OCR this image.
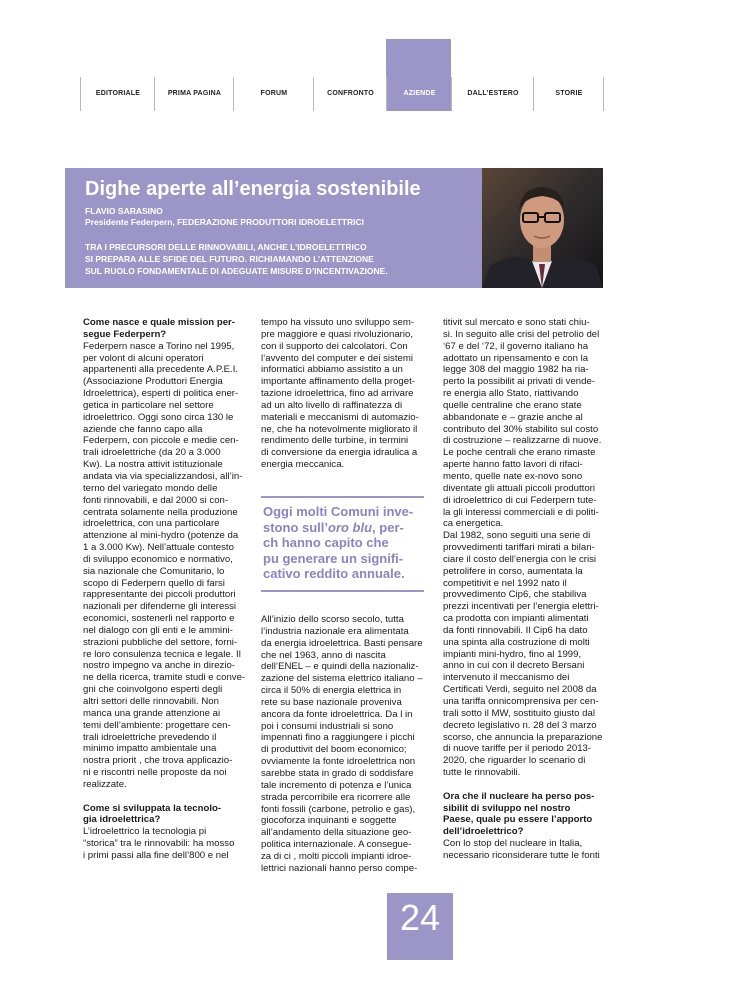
EDITORIALE	PRIMA PAGINA	FORUM	CONFRONTO	AZIENDE	DALL'ESTERO	STORIE
Dighe aperte all’energia sostenibile
FLAVIO SARASINO
Presidente Federpern, FEDERAZIONE PRODUTTORI IDROELETTRICI
TRA I PRECURSORI DELLE RINNOVABILI, ANCHE L’IDROELETTRICO
SI PREPARA ALLE SFIDE DEL FUTURO. RICHIAMANDO L’ATTENZIONE
SUL RUOLO FONDAMENTALE DI ADEGUATE MISURE D’INCENTIVAZIONE.
Come nasce e quale mission per-
segue Federpern?
Federpern nasce a Torino nel 1995,
per volont di alcuni operatori
appartenenti alla precedente A.P.E.I.
(Associazione Produttori Energia
Idroelettrica), esperti di politica ener-
getica in particolare nel settore
idroelettrico. Oggi sono circa 130 le
aziende che fanno capo alla
Federpern, con piccole e medie cen-
trali idroelettriche (da 20 a 3.000
Kw). La nostra attivit istituzionale
andata via via specializzandosi, all’in-
terno del variegato mondo delle
fonti rinnovabili, e dal 2000 si con-
centrata solamente nella produzione
idroelettrica, con una particolare
attenzione al mini-hydro (potenze da
1 a 3.000 Kw). Nell’attuale contesto
di sviluppo economico e normativo,
sia nazionale che Comunitario, lo
scopo di Federpern quello di farsi
rappresentante dei piccoli produttori
nazionali per difenderne gli interessi
economici, sostenerli nel rapporto e
nel dialogo con gli enti e le ammini-
strazioni pubbliche del settore, forni-
re loro consulenza tecnica e legale. Il
nostro impegno va anche in direzio-
ne della ricerca, tramite studi e conve-
gni che coinvolgono esperti degli
altri settori delle rinnovabili. Non
manca una grande attenzione ai
temi dell’ambiente: progettare cen-
trali idroelettriche prevedendo il
minimo impatto ambientale una
nostra priorit , che trova applicazio-
ni e riscontri nelle proposte da noi
realizzate.
Come si sviluppata la tecnolo-
gia idroelettrica?
L’idroelettrico la tecnologia pi
“storica” tra le rinnovabili: ha mosso
i primi passi alla fine dell’800 e nel
tempo ha vissuto uno sviluppo sem-
pre maggiore e quasi rivoluzionario,
con il supporto dei calcolatori. Con
l’avvento del computer e dei sistemi
informatici abbiamo assistito a un
importante affinamento della proget-
tazione idroelettrica, fino ad arrivare
ad un alto livello di raffinatezza di
materiali e meccanismi di automazio-
ne, che ha notevolmente migliorato il
rendimento delle turbine, in termini
di conversione da energia idraulica a
energia meccanica.
Oggi molti Comuni inve-
stono sull’oro blu, per-
ch hanno capito che
pu generare un signifi-
cativo reddito annuale.
All’inizio dello scorso secolo, tutta
l’industria nazionale era alimentata
da energia idroelettrica. Basti pensare
che nel 1963, anno di nascita
dell’ENEL – e quindi della nazionaliz-
zazione del sistema elettrico italiano –
circa il 50% di energia elettrica in
rete su base nazionale proveniva
ancora da fonte idroelettrica. Da l in
poi i consumi industriali si sono
impennati fino a raggiungere i picchi
di produttivit del boom economico;
ovviamente la fonte idroelettrica non
sarebbe stata in grado di soddisfare
tale incremento di potenza e l’unica
strada percorribile era ricorrere alle
fonti fossili (carbone, petrolio e gas),
giocoforza inquinanti e soggette
all’andamento della situazione geo-
politica internazionale. A consegue-
za di ci , molti piccoli impianti idroe-
lettrici nazionali hanno perso compe-
titivit sul mercato e sono stati chiu-
si. In seguito alle crisi del petrolio del
‘67 e del ‘72, il governo italiano ha
adottato un ripensamento e con la
legge 308 del maggio 1982 ha ria-
perto la possibilit ai privati di vende-
re energia allo Stato, riattivando
quelle centraline che erano state
abbandonate e – grazie anche al
contributo del 30% stabilito sul costo
di costruzione – realizzarne di nuove.
Le poche centrali che erano rimaste
aperte hanno fatto lavori di rifaci-
mento, quelle nate ex-novo sono
diventate gli attuali piccoli produttori
di idroelettrico di cui Federpern tute-
la gli interessi commerciali e di politi-
ca energetica.
Dal 1982, sono seguiti una serie di
provvedimenti tariffari mirati a bilan-
ciare il costo dell’energia con le crisi
petrolifere in corso, aumentata la
competitivit e nel 1992 nato il
provvedimento Cip6, che stabiliva
prezzi incentivati per l’energia elettri-
ca prodotta con impianti alimentati
da fonti rinnovabili. Il Cip6 ha dato
una spinta alla costruzione di molti
impianti mini-hydro, fino al 1999,
anno in cui con il decreto Bersani
intervenuto il meccanismo dei
Certificati Verdi, seguito nel 2008 da
una tariffa onnicomprensiva per cen-
trali sotto il MW, sostituito giusto dal
decreto legislativo n. 28 del 3 marzo
scorso, che annuncia la preparazione
di nuove tariffe per il periodo 2013-
2020, che riguarder lo scenario di
tutte le rinnovabili.
Ora che il nucleare ha perso pos-
sibilit di sviluppo nel nostro
Paese, quale pu essere l’apporto
dell’idroelettrico?
Con lo stop del nucleare in Italia,
necessario riconsiderare tutte le fonti
24
